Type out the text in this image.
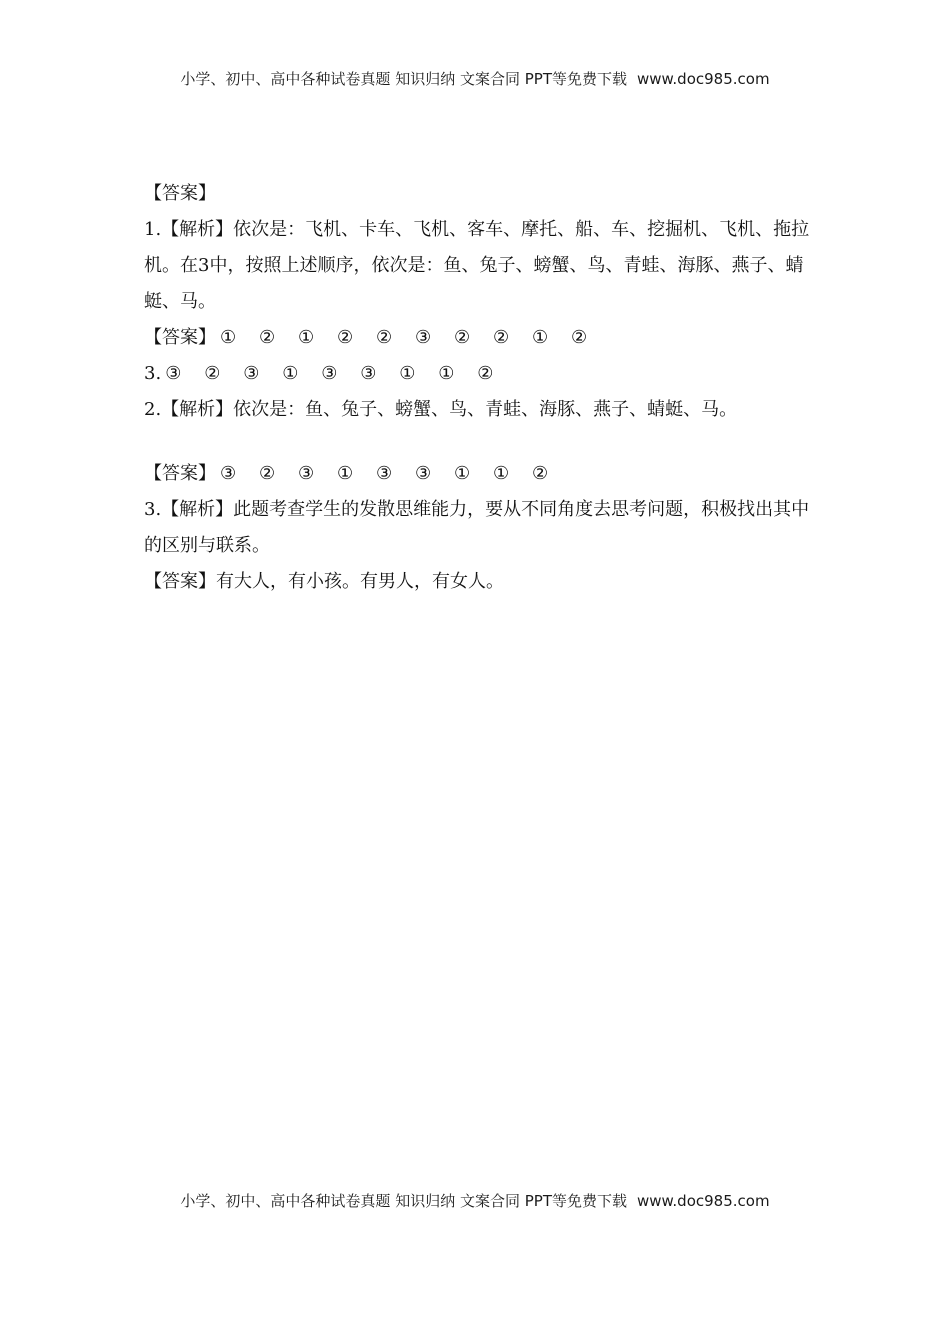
小学、初中、高中各种试卷真题 知识归纳 文案合同 PPT等免费下载 www.doc985.com
【答案】
1.【解析】依次是：飞机、卡车、飞机、客车、摩托、船、车、挖掘机、飞机、拖拉机。在3中，按照上述顺序，依次是：鱼、兔子、螃蟹、鸟、青蛙、海豚、燕子、蜻蜓、马。
【答案】 ① ② ① ② ② ③ ② ② ① ②
3. ③ ② ③ ① ③ ③ ① ① ②
2.【解析】依次是：鱼、兔子、螃蟹、鸟、青蛙、海豚、燕子、蜻蜓、马。
【答案】 ③ ② ③ ① ③ ③ ① ① ②
3.【解析】此题考查学生的发散思维能力，要从不同角度去思考问题，积极找出其中的区别与联系。
【答案】有大人，有小孩。有男人，有女人。
小学、初中、高中各种试卷真题 知识归纳 文案合同 PPT等免费下载 www.doc985.com
